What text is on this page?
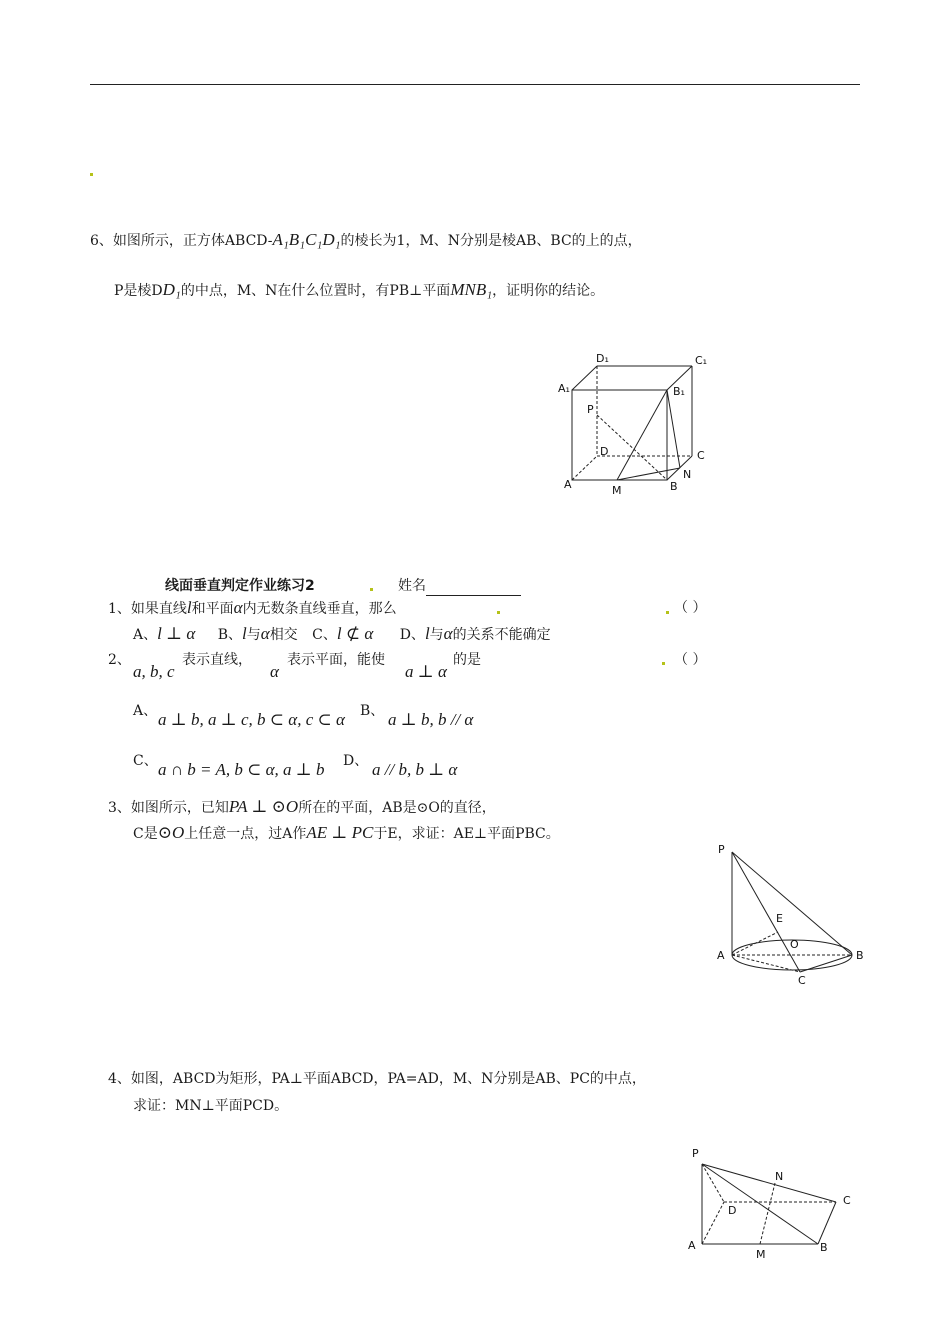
6、如图所示，正方体ABCD-A₁B₁C₁D₁的棱长为1，M、N分别是棱AB、BC的上的点，
P是棱DD₁的中点，M、N在什么位置时，有PB⊥平面MNB₁，证明你的结论。
D₁	C₁
A₁	B₁
P
D	C
N
A	M	B
线面垂直判定作业练习2	姓名
1、如果直线l和平面α内无数条直线垂直，那么	（ ）
A、l ⊥ α B、l与α相交 C、l ⊄ α D、l与α的关系不能确定
2、
a, b, c
表示直线，
α
表示平面，能使
a ⊥ α
的是	（ ）
A、 a ⊥ b, a ⊥ c, b ⊂ α, c ⊂ α B、 a ⊥ b, b // α
C、 a ∩ b = A, b ⊂ α, a ⊥ b D、 a // b, b ⊥ α
3、如图所示，已知PA ⊥ ⊙O所在的平面，AB是⊙O的直径，
C是⊙O上任意一点，过A作AE ⊥ PC于E，求证：AE⊥平面PBC。
P
E
O
A	B
C
4、如图，ABCD为矩形，PA⊥平面ABCD，PA=AD，M、N分别是AB、PC的中点，
求证：MN⊥平面PCD。
P
N
C
D
A
M
B
